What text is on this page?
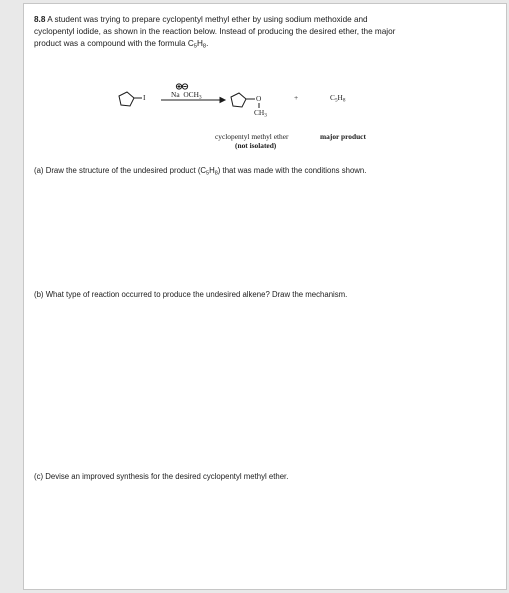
8.8 A student was trying to prepare cyclopentyl methyl ether by using sodium methoxide and
cyclopentyl iodide, as shown in the reaction below. Instead of producing the desired ether, the major
product was a compound with the formula $C_5H_8$.
I	Na $OCH_3$	O
$CH_3$
+	$C_5H_8$
cyclopentyl methyl ether
(not isolated)
major product
(a) Draw the structure of the undesired product $(C_5H_8)$ that was made with the conditions shown.
(b) What type of reaction occurred to produce the undesired alkene? Draw the mechanism.
(c) Devise an improved synthesis for the desired cyclopentyl methyl ether.
